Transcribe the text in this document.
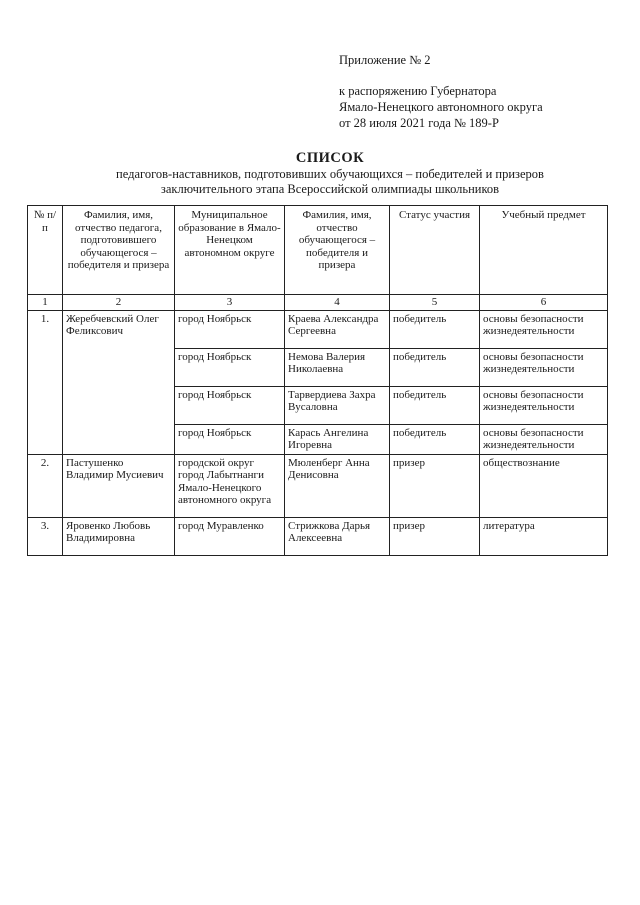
Приложение № 2
к распоряжению Губернатора
Ямало-Ненецкого автономного округа
от 28 июля 2021 года № 189-Р
СПИСОК
педагогов-наставников, подготовивших обучающихся – победителей и призеров
заключительного этапа Всероссийской олимпиады школьников
№ п/п	Фамилия, имя, отчество педагога, подготовившего обучающегося – победителя и призера	Муниципальное образование в Ямало-Ненецком автономном округе	Фамилия, имя, отчество обучающегося – победителя и призера	Статус участия	Учебный предмет
1	2	3	4	5	6
1.	Жеребчевский Олег Феликсович	город Ноябрьск	Краева Александра Сергеевна	победитель	основы безопасности жизнедеятельности
		город Ноябрьск	Немова Валерия Николаевна	победитель	основы безопасности жизнедеятельности
		город Ноябрьск	Тарвердиева Захра Вусаловна	победитель	основы безопасности жизнедеятельности
		город Ноябрьск	Карась Ангелина Игоревна	победитель	основы безопасности жизнедеятельности
2.	Пастушенко Владимир Мусиевич	городской округ город Лабытнанги Ямало-Ненецкого автономного округа	Мюленберг Анна Денисовна	призер	обществознание
3.	Яровенко Любовь Владимировна	город Муравленко	Стрижкова Дарья Алексеевна	призер	литература
